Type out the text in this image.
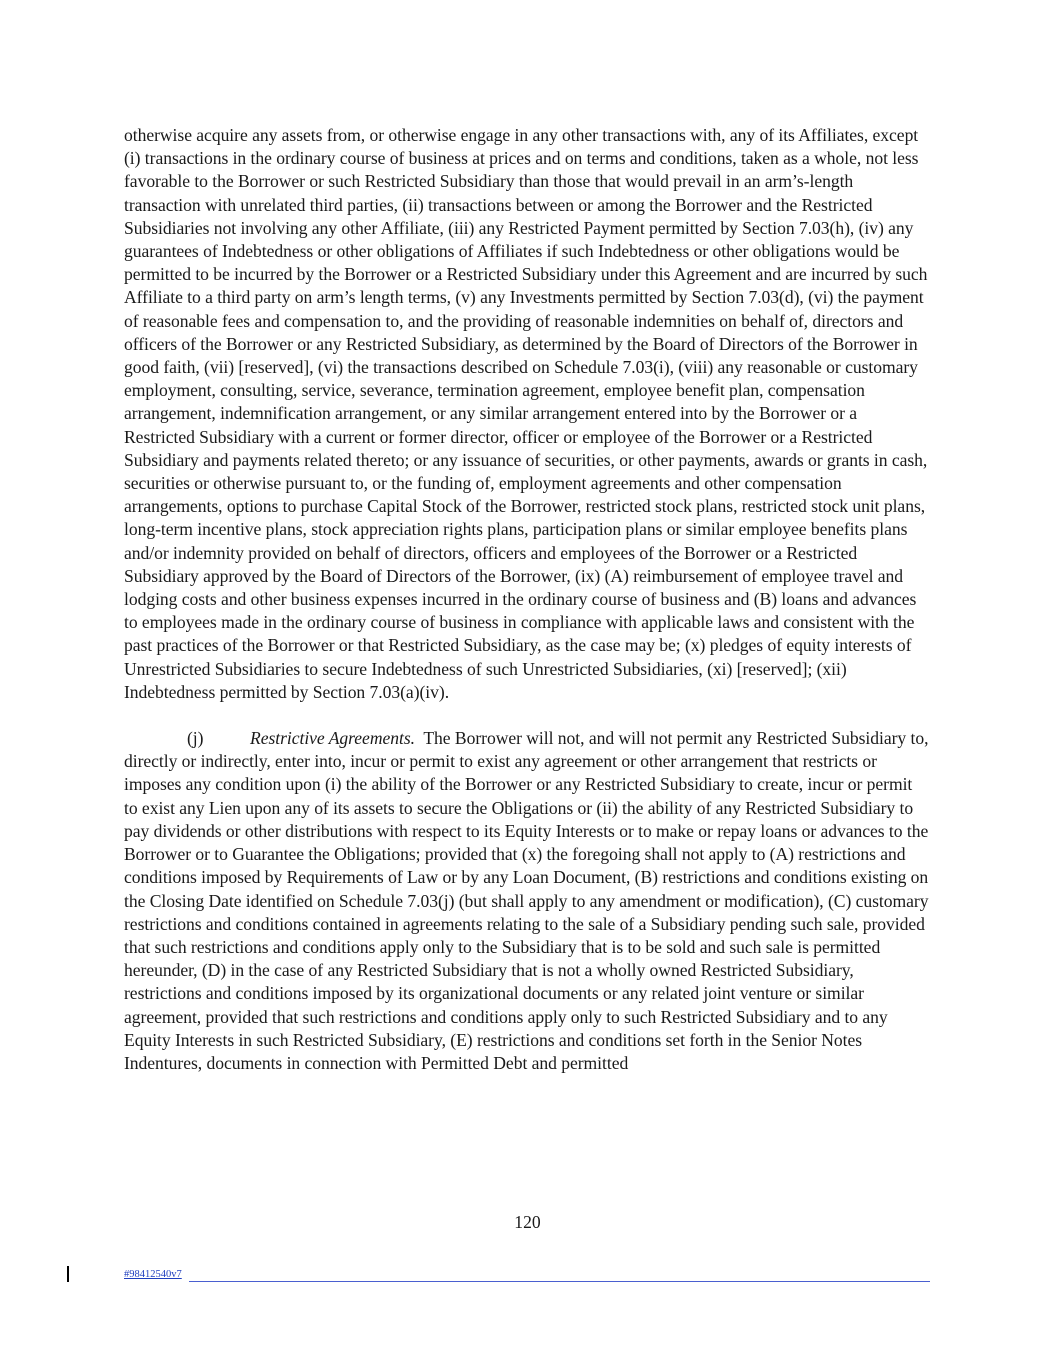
otherwise acquire any assets from, or otherwise engage in any other transactions with, any of its Affiliates, except (i) transactions in the ordinary course of business at prices and on terms and conditions, taken as a whole, not less favorable to the Borrower or such Restricted Subsidiary than those that would prevail in an arm’s-length transaction with unrelated third parties, (ii) transactions between or among the Borrower and the Restricted Subsidiaries not involving any other Affiliate, (iii) any Restricted Payment permitted by Section 7.03(h), (iv) any guarantees of Indebtedness or other obligations of Affiliates if such Indebtedness or other obligations would be permitted to be incurred by the Borrower or a Restricted Subsidiary under this Agreement and are incurred by such Affiliate to a third party on arm’s length terms, (v) any Investments permitted by Section 7.03(d), (vi) the payment of reasonable fees and compensation to, and the providing of reasonable indemnities on behalf of, directors and officers of the Borrower or any Restricted Subsidiary, as determined by the Board of Directors of the Borrower in good faith, (vii) [reserved], (vi) the transactions described on Schedule 7.03(i), (viii) any reasonable or customary employment, consulting, service, severance, termination agreement, employee benefit plan, compensation arrangement, indemnification arrangement, or any similar arrangement entered into by the Borrower or a Restricted Subsidiary with a current or former director, officer or employee of the Borrower or a Restricted Subsidiary and payments related thereto; or any issuance of securities, or other payments, awards or grants in cash, securities or otherwise pursuant to, or the funding of, employment agreements and other compensation arrangements, options to purchase Capital Stock of the Borrower, restricted stock plans, restricted stock unit plans, long-term incentive plans, stock appreciation rights plans, participation plans or similar employee benefits plans and/or indemnity provided on behalf of directors, officers and employees of the Borrower or a Restricted Subsidiary approved by the Board of Directors of the Borrower, (ix) (A) reimbursement of employee travel and lodging costs and other business expenses incurred in the ordinary course of business and (B) loans and advances to employees made in the ordinary course of business in compliance with applicable laws and consistent with the past practices of the Borrower or that Restricted Subsidiary, as the case may be; (x) pledges of equity interests of Unrestricted Subsidiaries to secure Indebtedness of such Unrestricted Subsidiaries, (xi) [reserved]; (xii) Indebtedness permitted by Section 7.03(a)(iv).

(j)	Restrictive Agreements. The Borrower will not, and will not permit any Restricted Subsidiary to, directly or indirectly, enter into, incur or permit to exist any agreement or other arrangement that restricts or imposes any condition upon (i) the ability of the Borrower or any Restricted Subsidiary to create, incur or permit to exist any Lien upon any of its assets to secure the Obligations or (ii) the ability of any Restricted Subsidiary to pay dividends or other distributions with respect to its Equity Interests or to make or repay loans or advances to the Borrower or to Guarantee the Obligations; provided that (x) the foregoing shall not apply to (A) restrictions and conditions imposed by Requirements of Law or by any Loan Document, (B) restrictions and conditions existing on the Closing Date identified on Schedule 7.03(j) (but shall apply to any amendment or modification), (C) customary restrictions and conditions contained in agreements relating to the sale of a Subsidiary pending such sale, provided that such restrictions and conditions apply only to the Subsidiary that is to be sold and such sale is permitted hereunder, (D) in the case of any Restricted Subsidiary that is not a wholly owned Restricted Subsidiary, restrictions and conditions imposed by its organizational documents or any related joint venture or similar agreement, provided that such restrictions and conditions apply only to such Restricted Subsidiary and to any Equity Interests in such Restricted Subsidiary, (E) restrictions and conditions set forth in the Senior Notes Indentures, documents in connection with Permitted Debt and permitted

120
#98412540v7
